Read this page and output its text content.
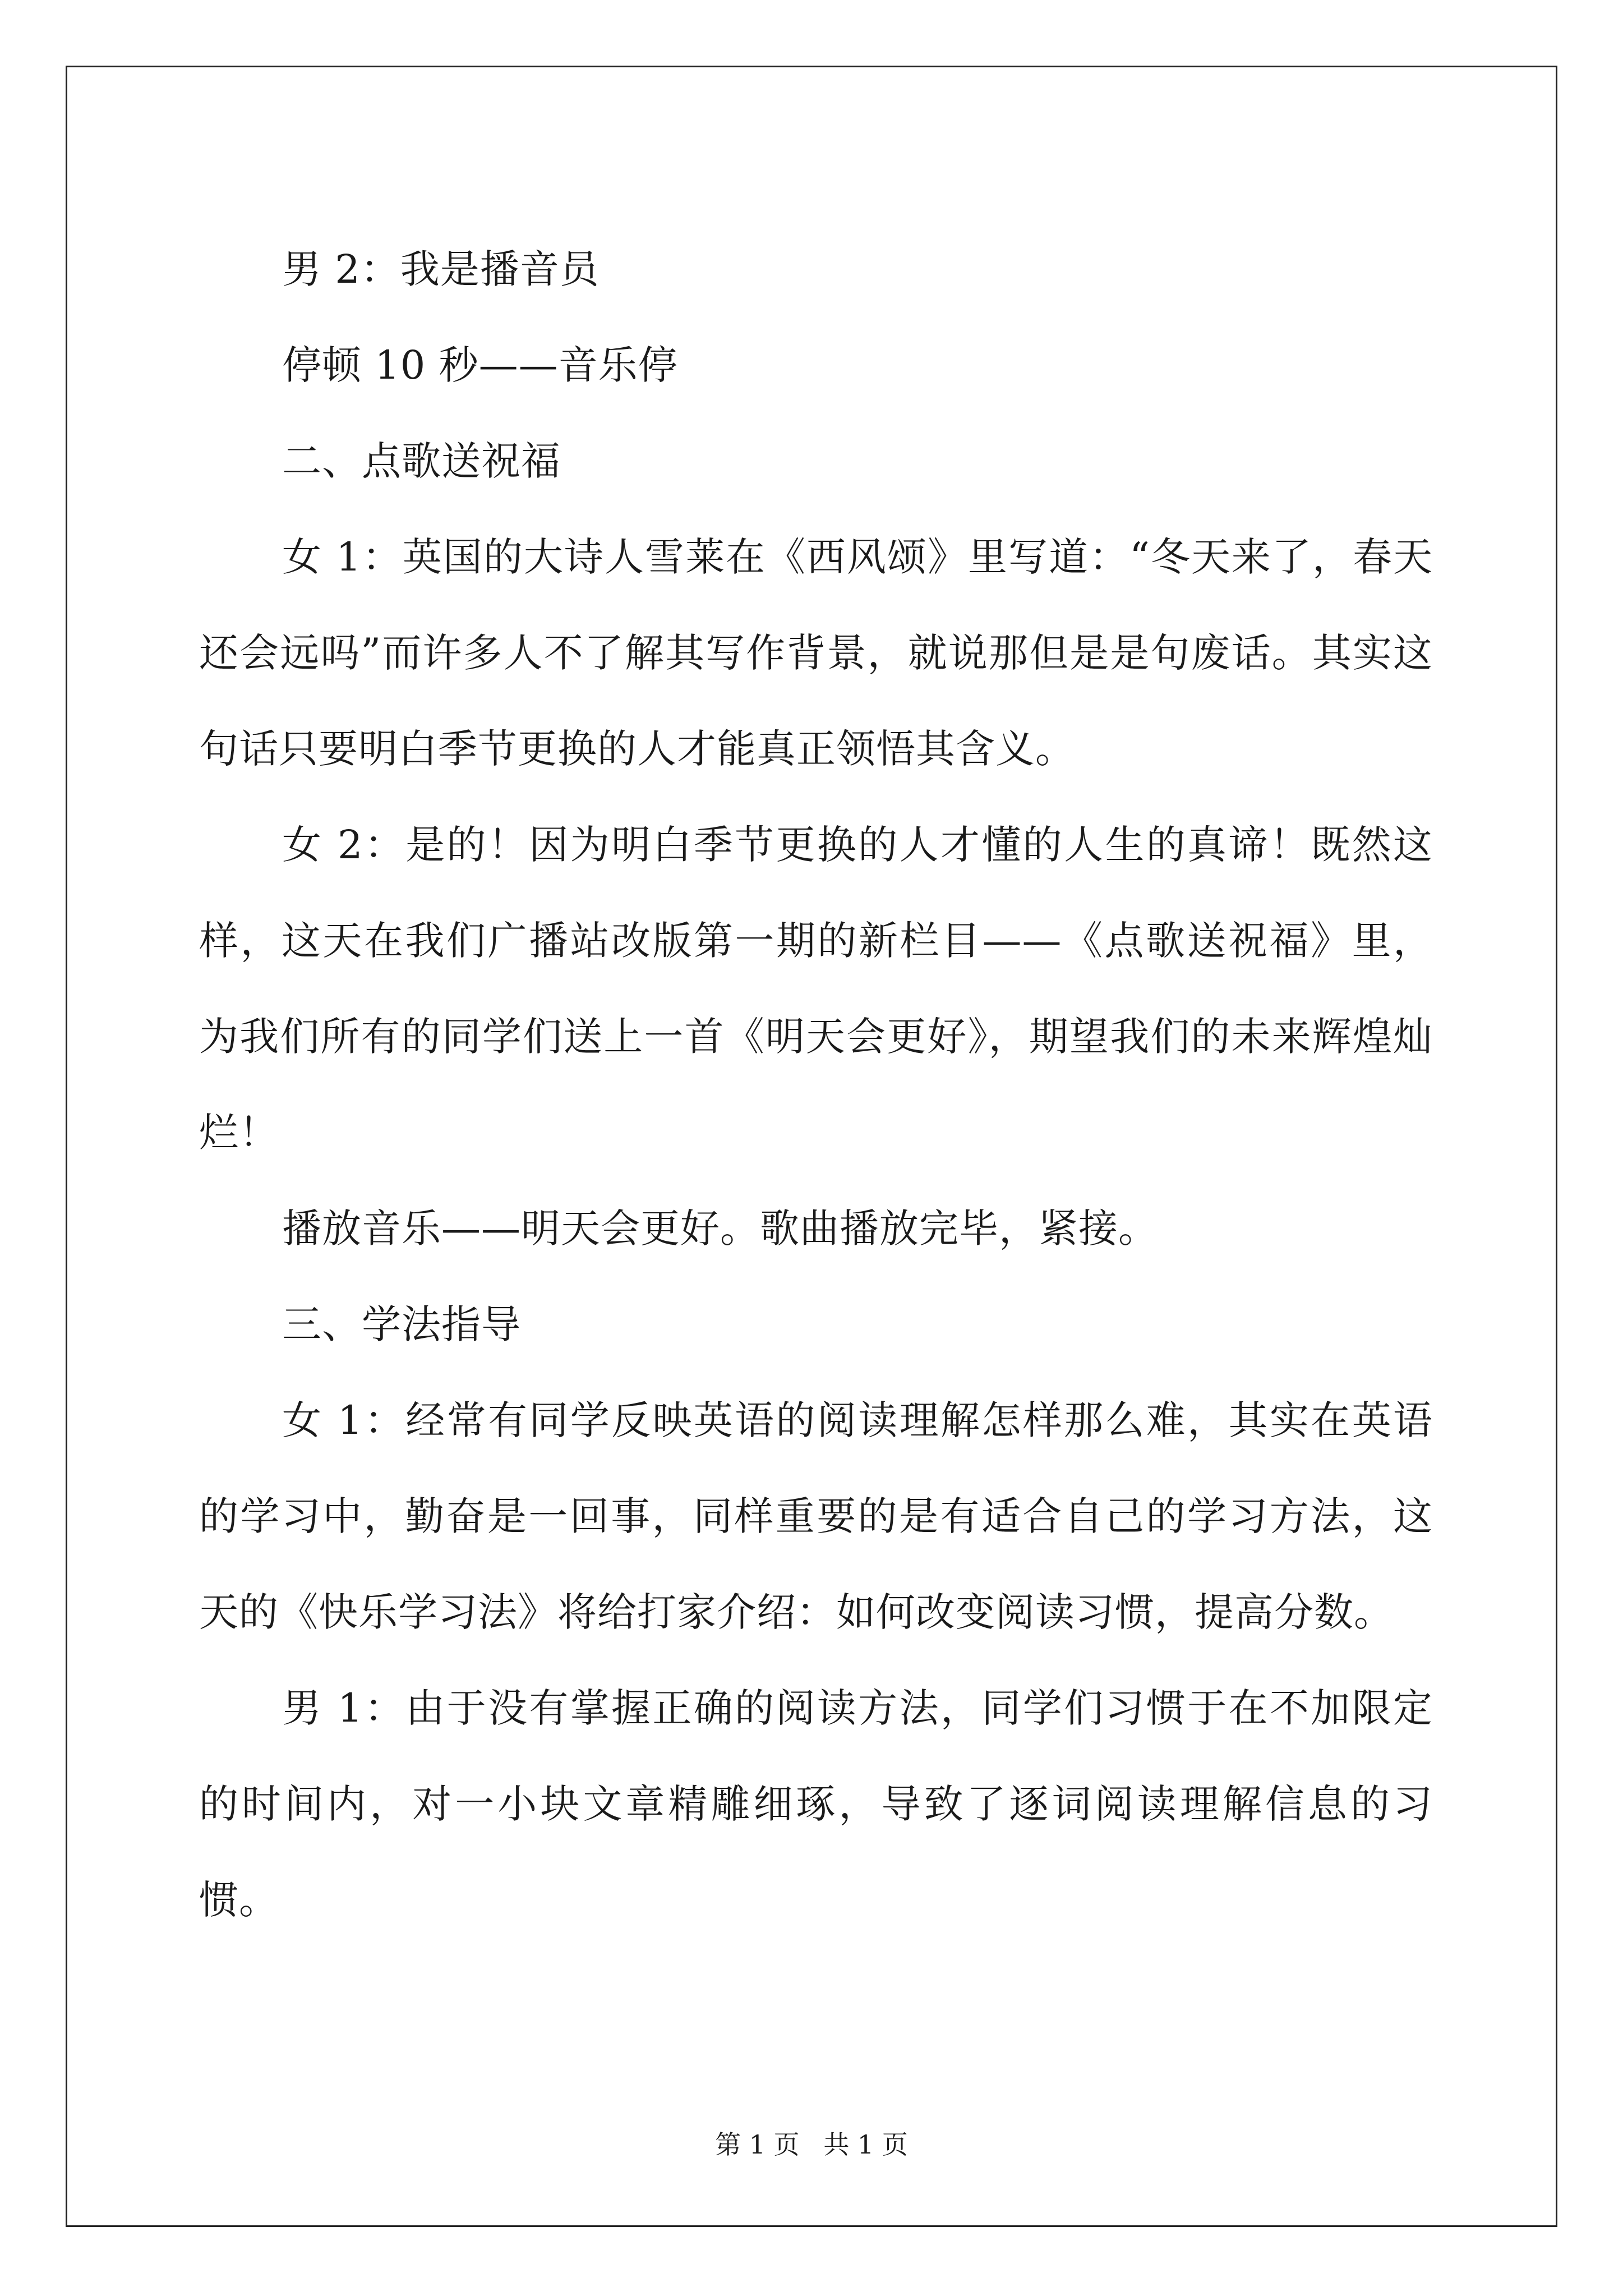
男 2：我是播音员

停顿 10 秒——音乐停

二、点歌送祝福

女 1：英国的大诗人雪莱在《西风颂》里写道：“冬天来了，春天还会远吗”而许多人不了解其写作背景，就说那但是是句废话。其实这句话只要明白季节更换的人才能真正领悟其含义。

女 2：是的！因为明白季节更换的人才懂的人生的真谛！既然这样，这天在我们广播站改版第一期的新栏目——《点歌送祝福》里，为我们所有的同学们送上一首《明天会更好》，期望我们的未来辉煌灿烂！

播放音乐——明天会更好。歌曲播放完毕，紧接。

三、学法指导

女 1：经常有同学反映英语的阅读理解怎样那么难，其实在英语的学习中，勤奋是一回事，同样重要的是有适合自己的学习方法，这天的《快乐学习法》将给打家介绍：如何改变阅读习惯，提高分数。

男 1：由于没有掌握正确的阅读方法，同学们习惯于在不加限定的时间内，对一小块文章精雕细琢，导致了逐词阅读理解信息的习惯。

第 1 页 共 1 页
